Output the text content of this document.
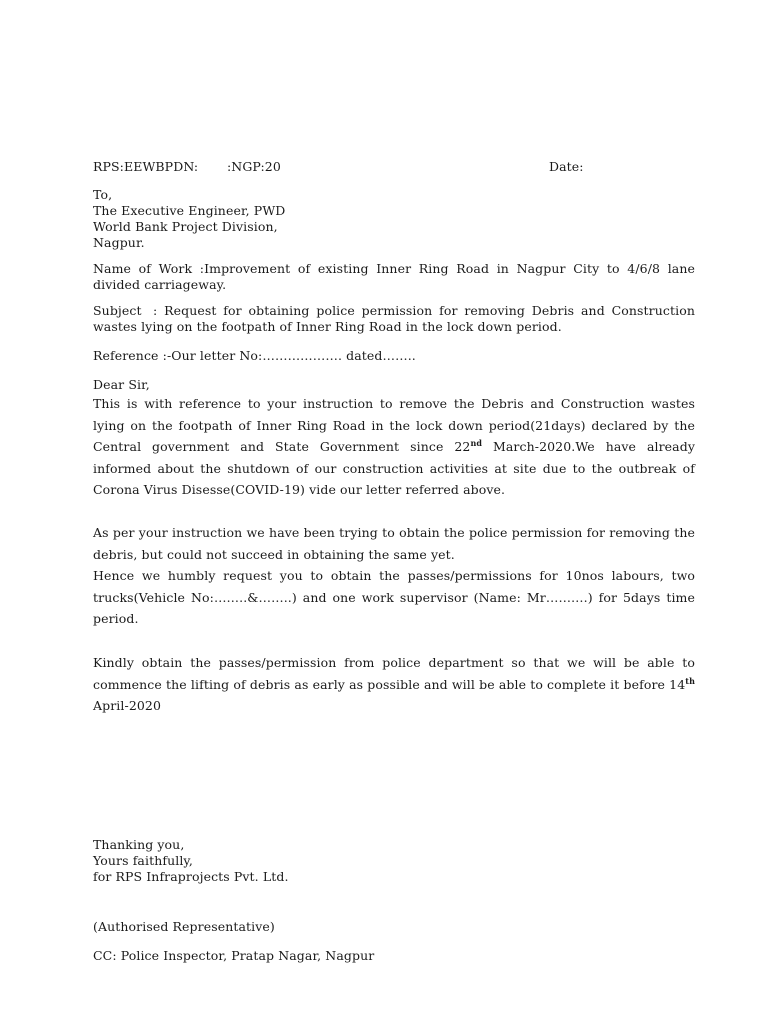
RPS:EEWBPDN: :NGP:20	Date:
To,
The Executive Engineer, PWD
World Bank Project Division,
Nagpur.

Name of Work :Improvement of existing Inner Ring Road in Nagpur City to 4/6/8 lane divided carriageway.

Subject : Request for obtaining police permission for removing Debris and Construction wastes lying on the footpath of Inner Ring Road in the lock down period.

Reference :-Our letter No:………………. dated……..

Dear Sir,

This is with reference to your instruction to remove the Debris and Construction wastes lying on the footpath of Inner Ring Road in the lock down period(21days) declared by the Central government and State Government since 22nd March-2020.We have already informed about the shutdown of our construction activities at site due to the outbreak of Corona Virus Disesse(COVID-19) vide our letter referred above.

As per your instruction we have been trying to obtain the police permission for removing the debris, but could not succeed in obtaining the same yet.

Hence we humbly request you to obtain the passes/permissions for 10nos labours, two trucks(Vehicle No:……..&……..) and one work supervisor (Name: Mr……….) for 5days time period.

Kindly obtain the passes/permission from police department so that we will be able to commence the lifting of debris as early as possible and will be able to complete it before 14th April-2020

Thanking you,
Yours faithfully,
for RPS Infraprojects Pvt. Ltd.

(Authorised Representative)

CC: Police Inspector, Pratap Nagar, Nagpur
